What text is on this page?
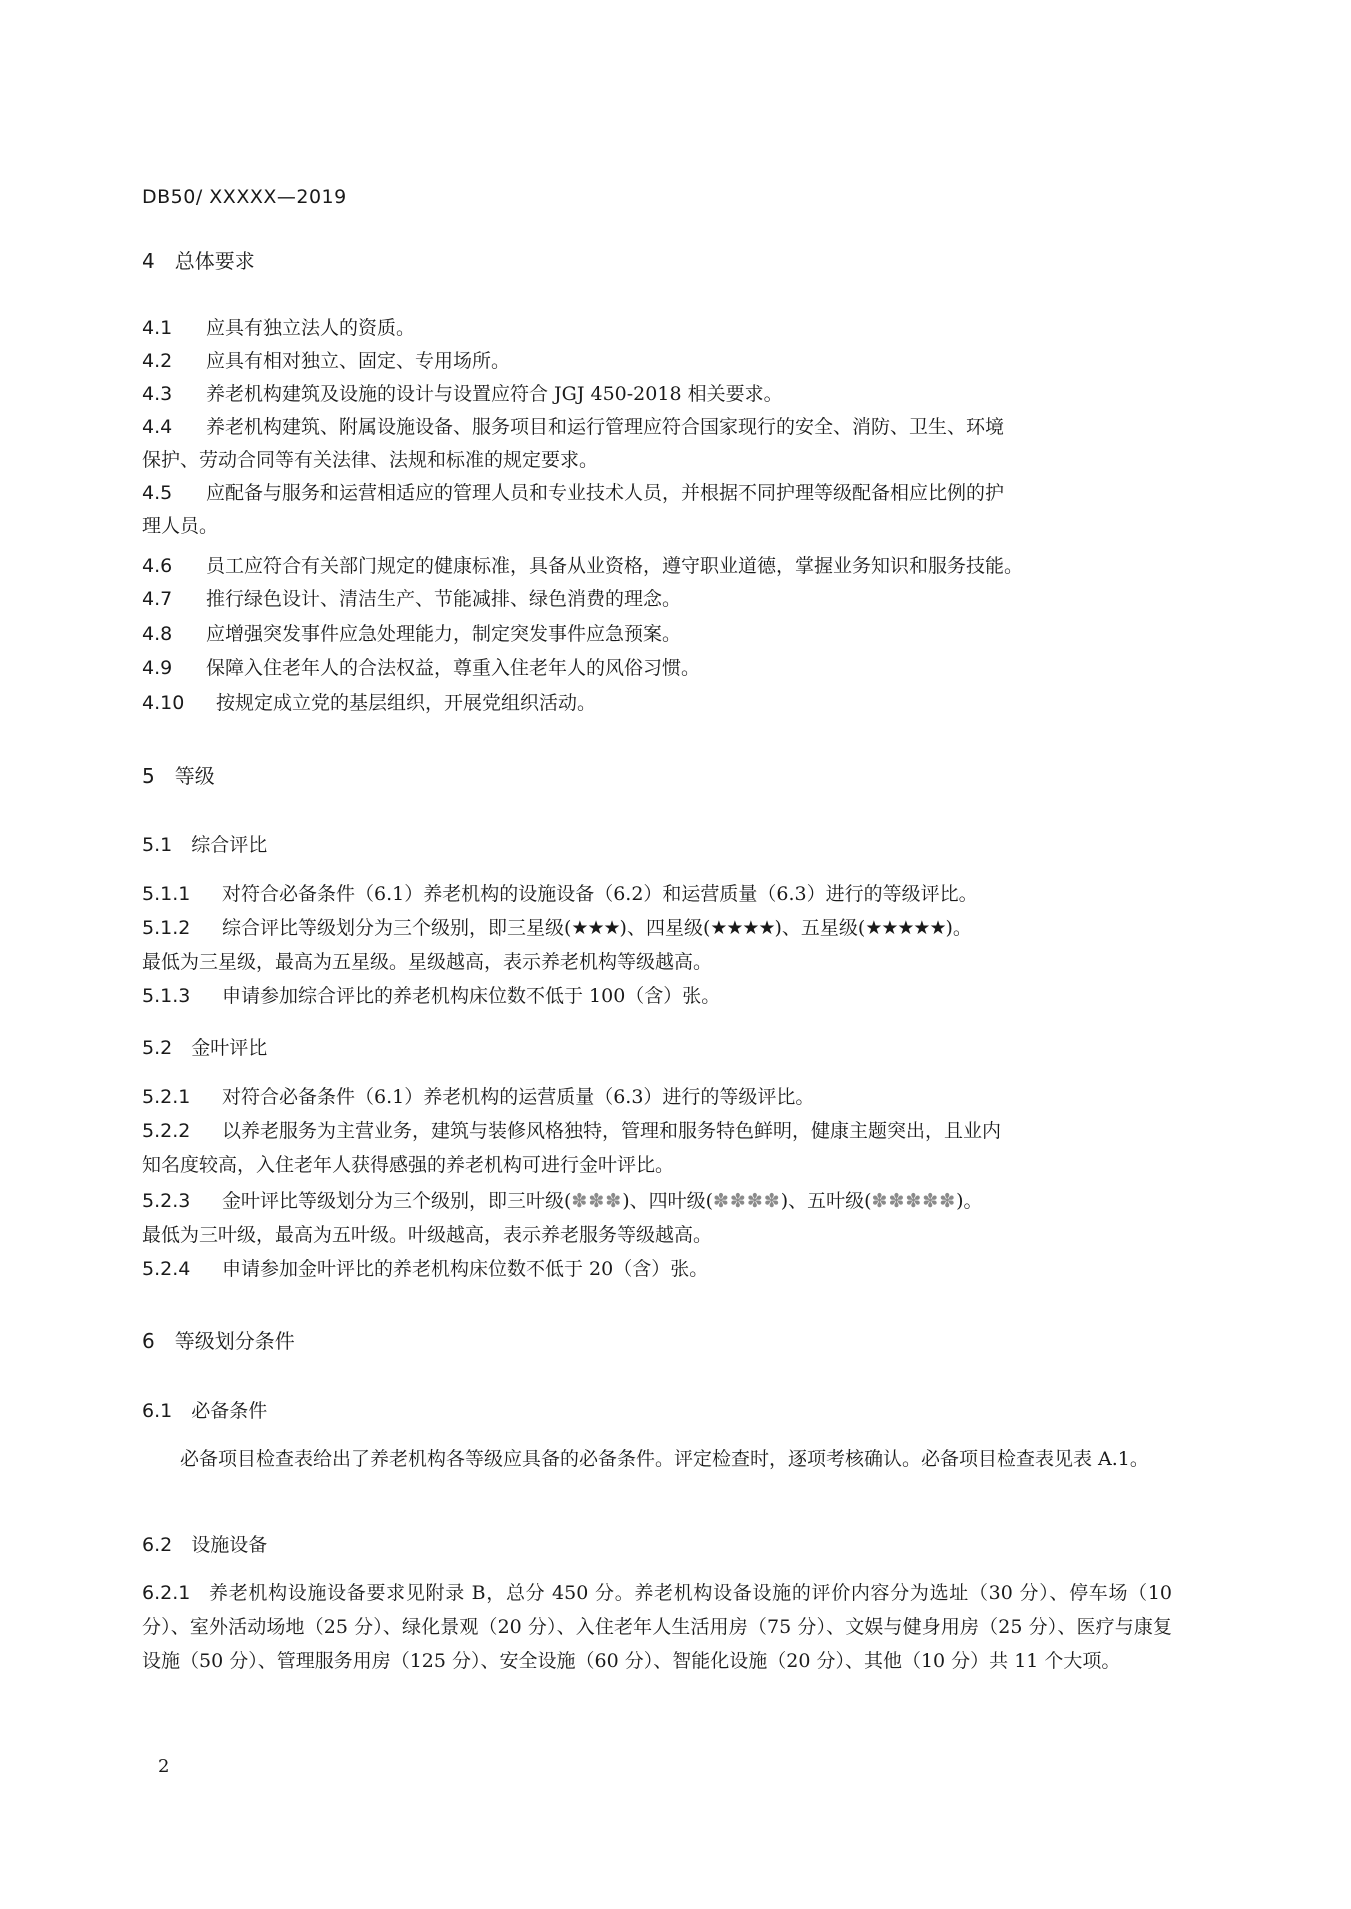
DB50/ XXXXX—2019
4　总体要求
4.1 应具有独立法人的资质。
4.2 应具有相对独立、固定、专用场所。
4.3 养老机构建筑及设施的设计与设置应符合 JGJ 450-2018 相关要求。
4.4 养老机构建筑、附属设施设备、服务项目和运行管理应符合国家现行的安全、消防、卫生、环境
保护、劳动合同等有关法律、法规和标准的规定要求。
4.5 应配备与服务和运营相适应的管理人员和专业技术人员，并根据不同护理等级配备相应比例的护
理人员。
4.6 员工应符合有关部门规定的健康标准，具备从业资格，遵守职业道德，掌握业务知识和服务技能。
4.7 推行绿色设计、清洁生产、节能减排、绿色消费的理念。
4.8 应增强突发事件应急处理能力，制定突发事件应急预案。
4.9 保障入住老年人的合法权益，尊重入住老年人的风俗习惯。
4.10 按规定成立党的基层组织，开展党组织活动。
5　等级
5.1　综合评比
5.1.1 对符合必备条件（6.1）养老机构的设施设备（6.2）和运营质量（6.3）进行的等级评比。
5.1.2 综合评比等级划分为三个级别，即三星级(★★★)、四星级(★★★★)、五星级(★★★★★)。
最低为三星级，最高为五星级。星级越高，表示养老机构等级越高。
5.1.3 申请参加综合评比的养老机构床位数不低于 100（含）张。
5.2　金叶评比
5.2.1 对符合必备条件（6.1）养老机构的运营质量（6.3）进行的等级评比。
5.2.2 以养老服务为主营业务，建筑与装修风格独特，管理和服务特色鲜明，健康主题突出，且业内
知名度较高，入住老年人获得感强的养老机构可进行金叶评比。
5.2.3 金叶评比等级划分为三个级别，即三叶级(✽✽✽)、四叶级(✽✽✽✽)、五叶级(✽✽✽✽✽)。
最低为三叶级，最高为五叶级。叶级越高，表示养老服务等级越高。
5.2.4 申请参加金叶评比的养老机构床位数不低于 20（含）张。
6　等级划分条件
6.1　必备条件
必备项目检查表给出了养老机构各等级应具备的必备条件。评定检查时，逐项考核确认。必备项目检查表见表 A.1。
6.2　设施设备
6.2.1 养老机构设施设备要求见附录 B，总分 450 分。养老机构设备设施的评价内容分为选址（30 分）、停车场（10 分）、室外活动场地（25 分）、绿化景观（20 分）、入住老年人生活用房（75 分）、文娱与健身用房（25 分）、医疗与康复设施（50 分）、管理服务用房（125 分）、安全设施（60 分）、智能化设施（20 分）、其他（10 分）共 11 个大项。
2
